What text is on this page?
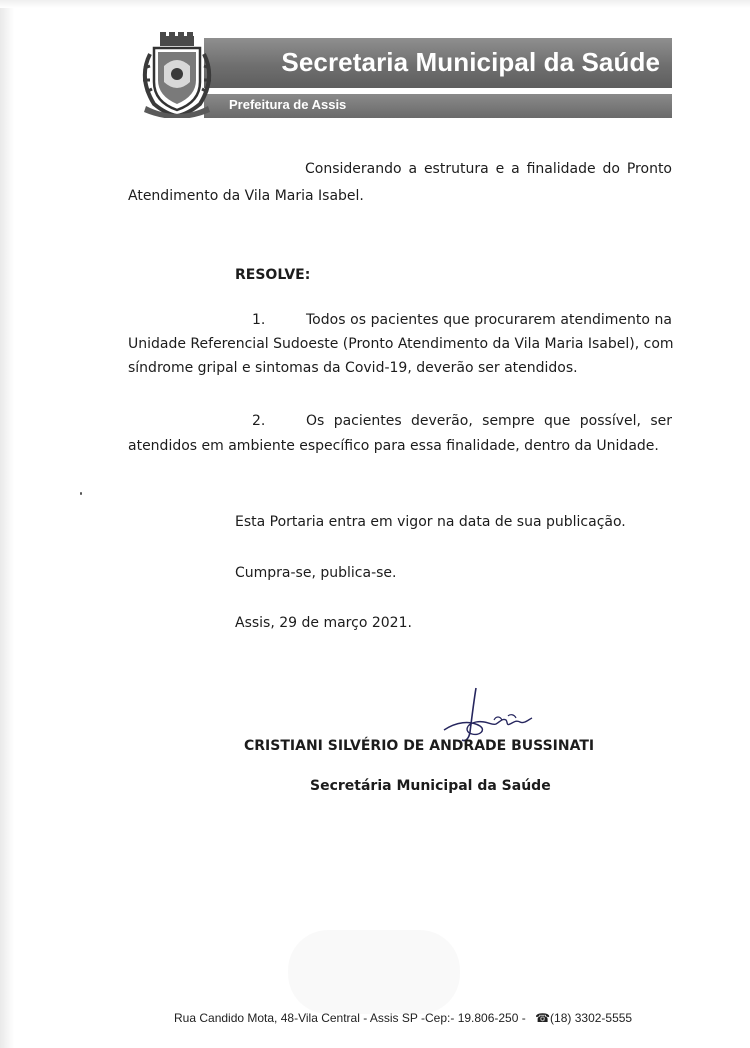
Secretaria Municipal da Saúde
Prefeitura de Assis
Considerando a estrutura e a finalidade do Pronto
Atendimento da Vila Maria Isabel.
RESOLVE:
1.	Todos os pacientes que procurarem atendimento na
Unidade Referencial Sudoeste (Pronto Atendimento da Vila Maria Isabel), com
síndrome gripal e sintomas da Covid-19, deverão ser atendidos.
2.	Os pacientes deverão, sempre que possível, ser
atendidos em ambiente específico para essa finalidade, dentro da Unidade.
Esta Portaria entra em vigor na data de sua publicação.
Cumpra-se, publica-se.
Assis, 29 de março 2021.
CRISTIANI SILVÉRIO DE ANDRADE BUSSINATI
Secretária Municipal da Saúde
Rua Candido Mota, 48-Vila Central - Assis SP -Cep:- 19.806-250 - ☎(18) 3302-5555
